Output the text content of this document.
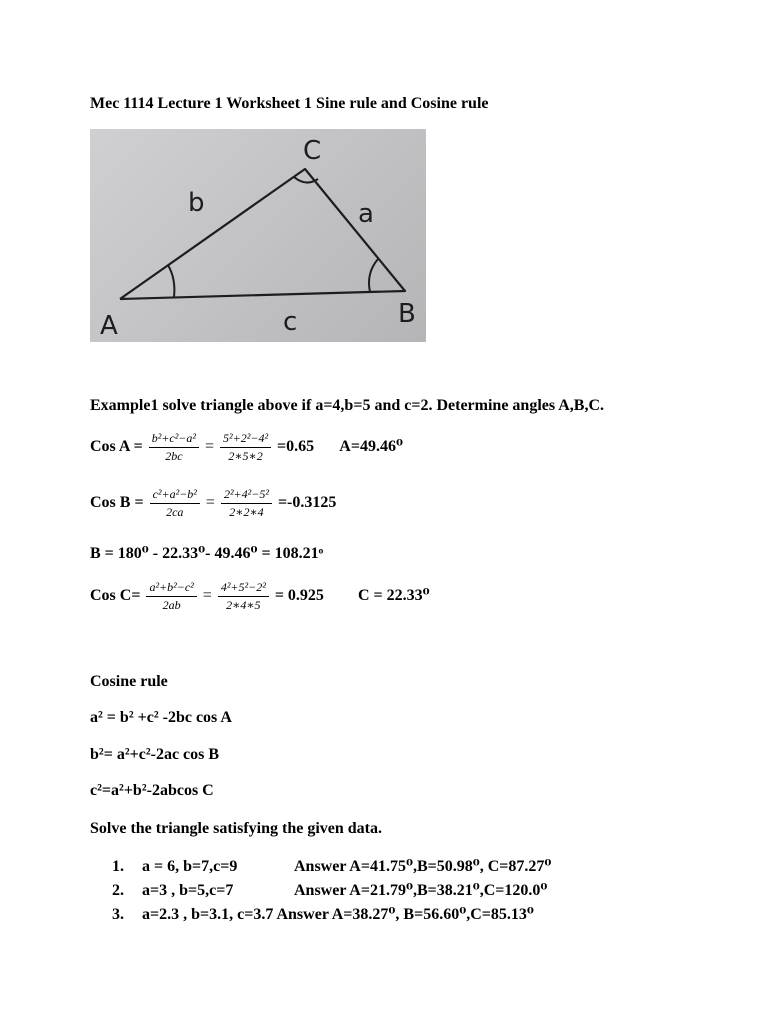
Mec 1114 Lecture 1 Worksheet 1 Sine rule and Cosine rule
C
b	a
A	c	B
Example1 solve triangle above if a=4,b=5 and c=2. Determine angles A,B,C.
Cos $A = \frac{\text{b²+c²−a²}}{2bc} = \frac{\text{5²+2²−4²}}{2∗5∗2} =0.65$ A=49.46⁰
Cos $B = \frac{\text{c²+a²−b²}}{2ca} = \frac{\text{2²+4²−5²}}{2∗2∗4} =-0.3125$
B = 180⁰ - 22.33⁰- 49.46⁰ = 108.21ᵒ
Cos $C= \frac{\text{a²+b²−c²}}{2ab} = \frac{\text{4²+5²−2²}}{2∗4∗5} = 0.925$ C = 22.33⁰
Cosine rule
a² = b² +c² -2bc cos A
b²= a²+c²-2ac cos B
c²=a²+b²-2abcos C
Solve the triangle satisfying the given data.
1.a = 6, b=7,c=9	Answer A=41.75⁰,B=50.98⁰, C=87.27⁰
2. a=3 , b=5,c=7	Answer A=21.79⁰,B=38.21⁰,C=120.0⁰
3. a=2.3 , b=3.1, c=3.7 Answer A=38.27⁰, B=56.60⁰,C=85.13⁰
